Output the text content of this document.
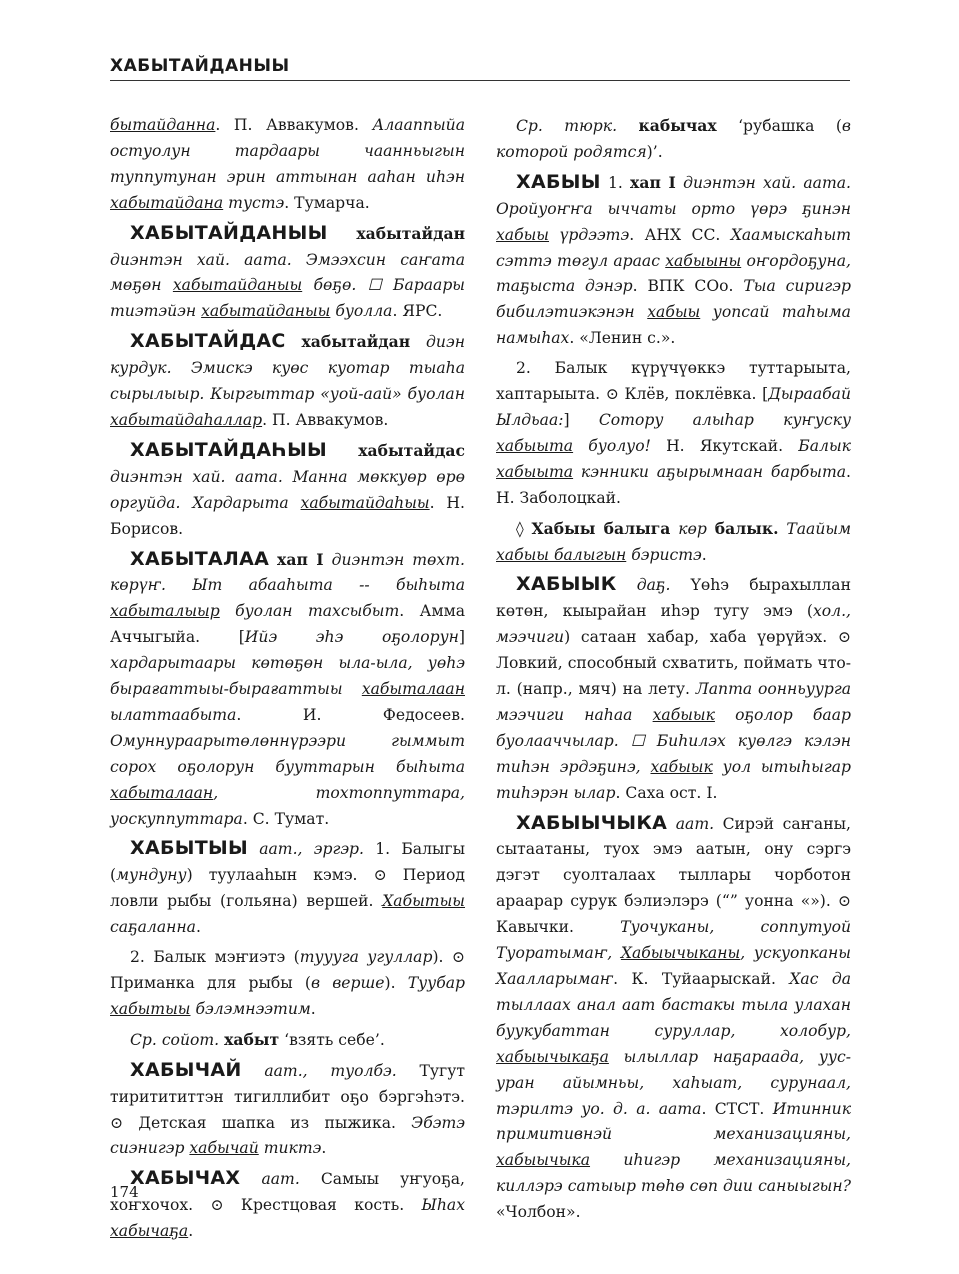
ХАБЫТАЙДАНЫЫ

бытайданна. П. Аввакумов. Алааппыйа остуолун тардаары чаанньыгын туппутунан эрин аттынан ааһан иһэн хабытайдана тустэ. Тумарча.

ХАБЫТАЙДАНЫЫ хабытайдан диэнтэн хай. аата. Эмээхсин саҥата мөҕөн хабытайданыы бөҕө. ☐ Бараары тиэтэйэн хабытайданыы буолла. ЯРС.

ХАБЫТАЙДАС хабытайдан диэн курдук. Эмискэ куөс куотар тыаһа сырылыыр. Кыргыттар «уой-аай» буолан хабытайдаһаллар. П. Аввакумов.

ХАБЫТАЙДАҺЫЫ хабытайдас диэнтэн хай. аата. Манна мөккуөр өрө оргуйда. Хардарыта хабытайдаһыы. Н. Борисов.

ХАБЫТАЛАА хап I диэнтэн төхт. көрүҥ. Ыт абааһыта -- быһыта хабыталыыр буолан тахсыбыт. Амма Аччыгыйа. [Ийэ эһэ оҕолорун] хардарытаары көтөҕөн ыла-ыла, уөһэ бырағаттыы-бырағаттыы хабыталаан ылаттаабыта. И. Федосеев. Омуннураарытөлөннүрээри гыммыт сорох оҕолорун бууттарын быһыта хабыталаан, тохтоппуттара, уоскуппуттара. С. Тумат.

ХАБЫТЫЫ аат., эргэр. 1. Балыгы (мундуну) туулааһын кэмэ. ⊙ Период ловли рыбы (гольяна) вершей. Хабытыы саҕаланна.

2. Балык мэҥиэтэ (туууга угуллар). ⊙ Приманка для рыбы (в верше). Туубар хабытыы бэлэмнээтим.

Ср. сойот. хабыт ‘взять себе’.

ХАБЫЧАЙ аат., туолбэ. Тугут тиритититтэн тигиллибит оҕо бэргэһэтэ. ⊙ Детская шапка из пыжика. Эбэтэ сиэнигэр хабычай тиктэ.

ХАБЫЧАХ аат. Самыы уҥуоҕа, хоҥхочох. ⊙ Крестцовая кость. Ыһах хабычаҕа.

Ср. тюрк. кабычах ‘рубашка (в которой родятся)’.

ХАБЫЫ 1. хап I диэнтэн хай. аата. Оройуоҥҥа ыччаты орто үөрэ ҕинэн хабыы үрдээтэ. АНХ СС. Хаамыскаһыт сэттэ төгул араас хабыыны оҥордоҕуна, таҕыста дэнэр. ВПК СОо. Тыа сиригэр бибилэтиэкэнэн хабыы уопсай таһыма намыһах. «Ленин с.».

2. Балык күрүчүөккэ туттарыыта, хаптарыыта. ⊙ Клёв, поклёвка. [Дыраабай Ылдьаа:] Сотору алыһар куҥуску хабыыта буолуо! Н. Якутскай. Балык хабыыта кэнники аҕырымнаан барбыта. Н. Заболоцкай.

◊ Хабыы балыга көр балык. Таайым хабыы балыгын бэристэ.

ХАБЫЫК даҕ. Үөһэ бырахыллан көтөн, кыырайан иһэр тугу эмэ (хол., мээчиги) сатаан хабар, хаба үөрүйэх. ⊙ Ловкий, способный схватить, поймать что-л. (напр., мяч) на лету. Лапта оонньуурга мээчиги наһаа хабыык оҕолор баар буолааччылар. ☐ Биһилэх куөлгэ кэлэн тиһэн эрдэҕинэ, хабыык уол ытыһыгар тиһэрэн ылар. Саха ост. I.

ХАБЫЫЧЫКА аат. Сирэй саҥаны, сытаатаны, туох эмэ аатын, ону сэргэ дэгэт суолталаах тыллары чорботон араарар сурук бэлиэлэрэ (“” уонна «»). ⊙ Кавычки. Туочуканы, соппутуой Туоратымаҥ, Хабыычыканы, ускуопканы Хаалларымаҥ. К. Туйаарыскай. Хас да тыллаах анал аат бастакы тыла улахан буукубаттан суруллар, холобур, хабыычыкаҕа ылыллар наҕараада, уус-уран айымньы, хаһыат, сурунаал, тэрилтэ уо. д. а. аата. СТСТ. Итинник примитивнэй механизацияны, хабыычыка иһигэр механизацияны, киллэрэ сатыыр төһө сөп дии саныыгын? «Чолбон».

174
